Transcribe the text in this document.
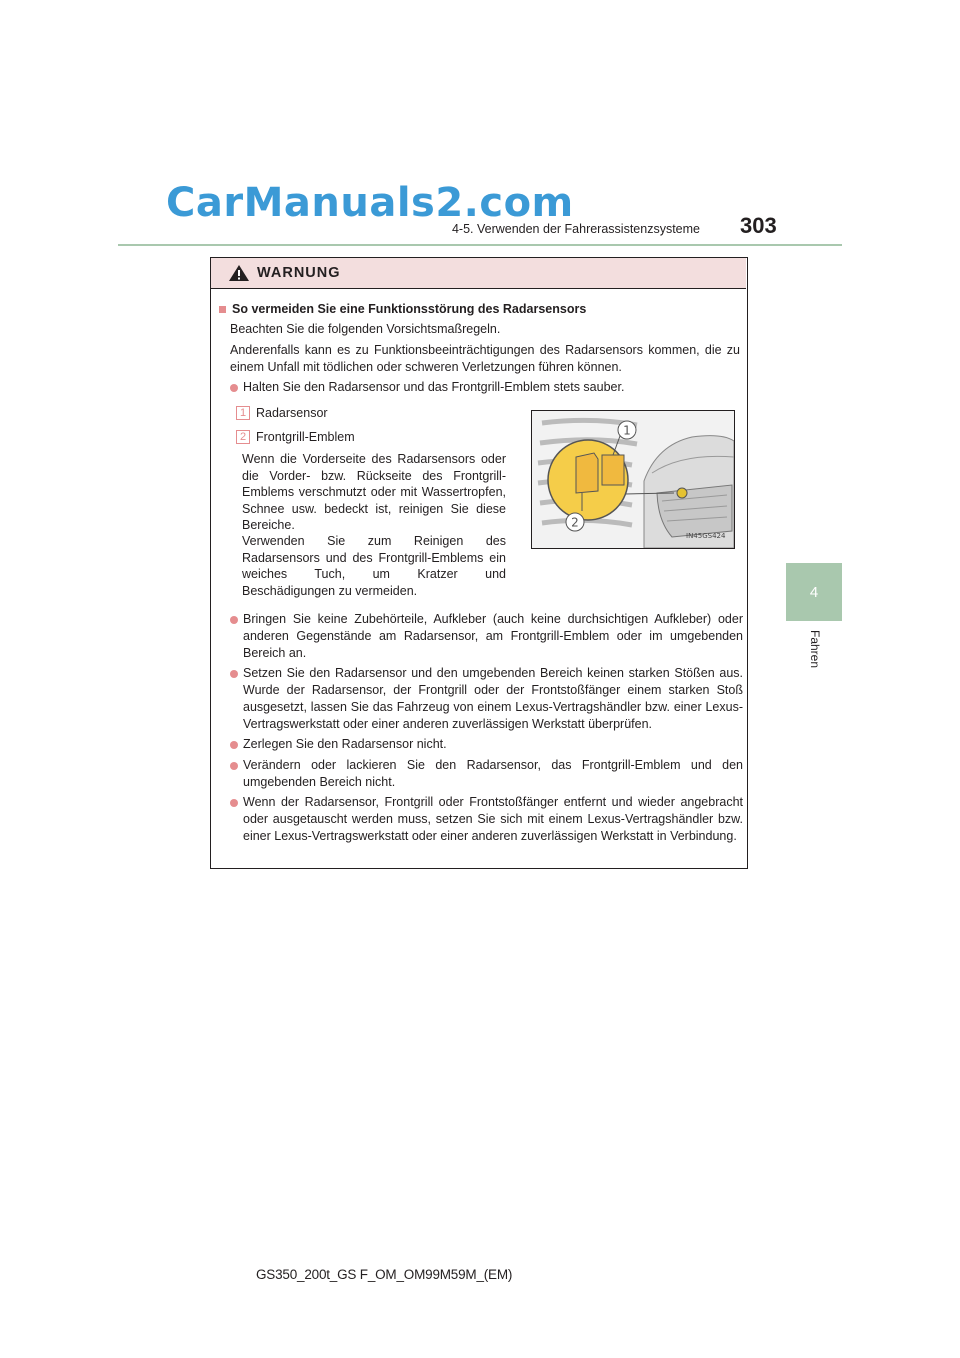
CarManuals2.com
4-5. Verwenden der Fahrerassistenzsysteme 303
4
Fahren
GS350_200t_GS F_OM_OM99M59M_(EM)
WARNUNG
So vermeiden Sie eine Funktionsstörung des Radarsensors
Beachten Sie die folgenden Vorsichtsmaßregeln.
Anderenfalls kann es zu Funktionsbeeinträchtigungen des Radarsensors kommen, die zu einem Unfall mit tödlichen oder schweren Verletzungen führen können.
Halten Sie den Radarsensor und das Frontgrill-Emblem stets sauber.
1 Radarsensor
2 Frontgrill-Emblem
Wenn die Vorderseite des Radarsensors oder die Vorder- bzw. Rückseite des Frontgrill-Emblems verschmutzt oder mit Wassertropfen, Schnee usw. bedeckt ist, reinigen Sie diese Bereiche.
Verwenden Sie zum Reinigen des Radarsensors und des Frontgrill-Emblems ein weiches Tuch, um Kratzer und Beschädigungen zu vermeiden.
1
2
IN45GS424
Bringen Sie keine Zubehörteile, Aufkleber (auch keine durchsichtigen Aufkleber) oder anderen Gegenstände am Radarsensor, am Frontgrill-Emblem oder im umgebenden Bereich an.
Setzen Sie den Radarsensor und den umgebenden Bereich keinen starken Stößen aus. Wurde der Radarsensor, der Frontgrill oder der Frontstoßfänger einem starken Stoß ausgesetzt, lassen Sie das Fahrzeug von einem Lexus-Vertragshändler bzw. einer Lexus-Vertragswerkstatt oder einer anderen zuverlässigen Werkstatt überprüfen.
Zerlegen Sie den Radarsensor nicht.
Verändern oder lackieren Sie den Radarsensor, das Frontgrill-Emblem und den umgebenden Bereich nicht.
Wenn der Radarsensor, Frontgrill oder Frontstoßfänger entfernt und wieder angebracht oder ausgetauscht werden muss, setzen Sie sich mit einem Lexus-Vertragshändler bzw. einer Lexus-Vertragswerkstatt oder einer anderen zuverlässigen Werkstatt in Verbindung.
